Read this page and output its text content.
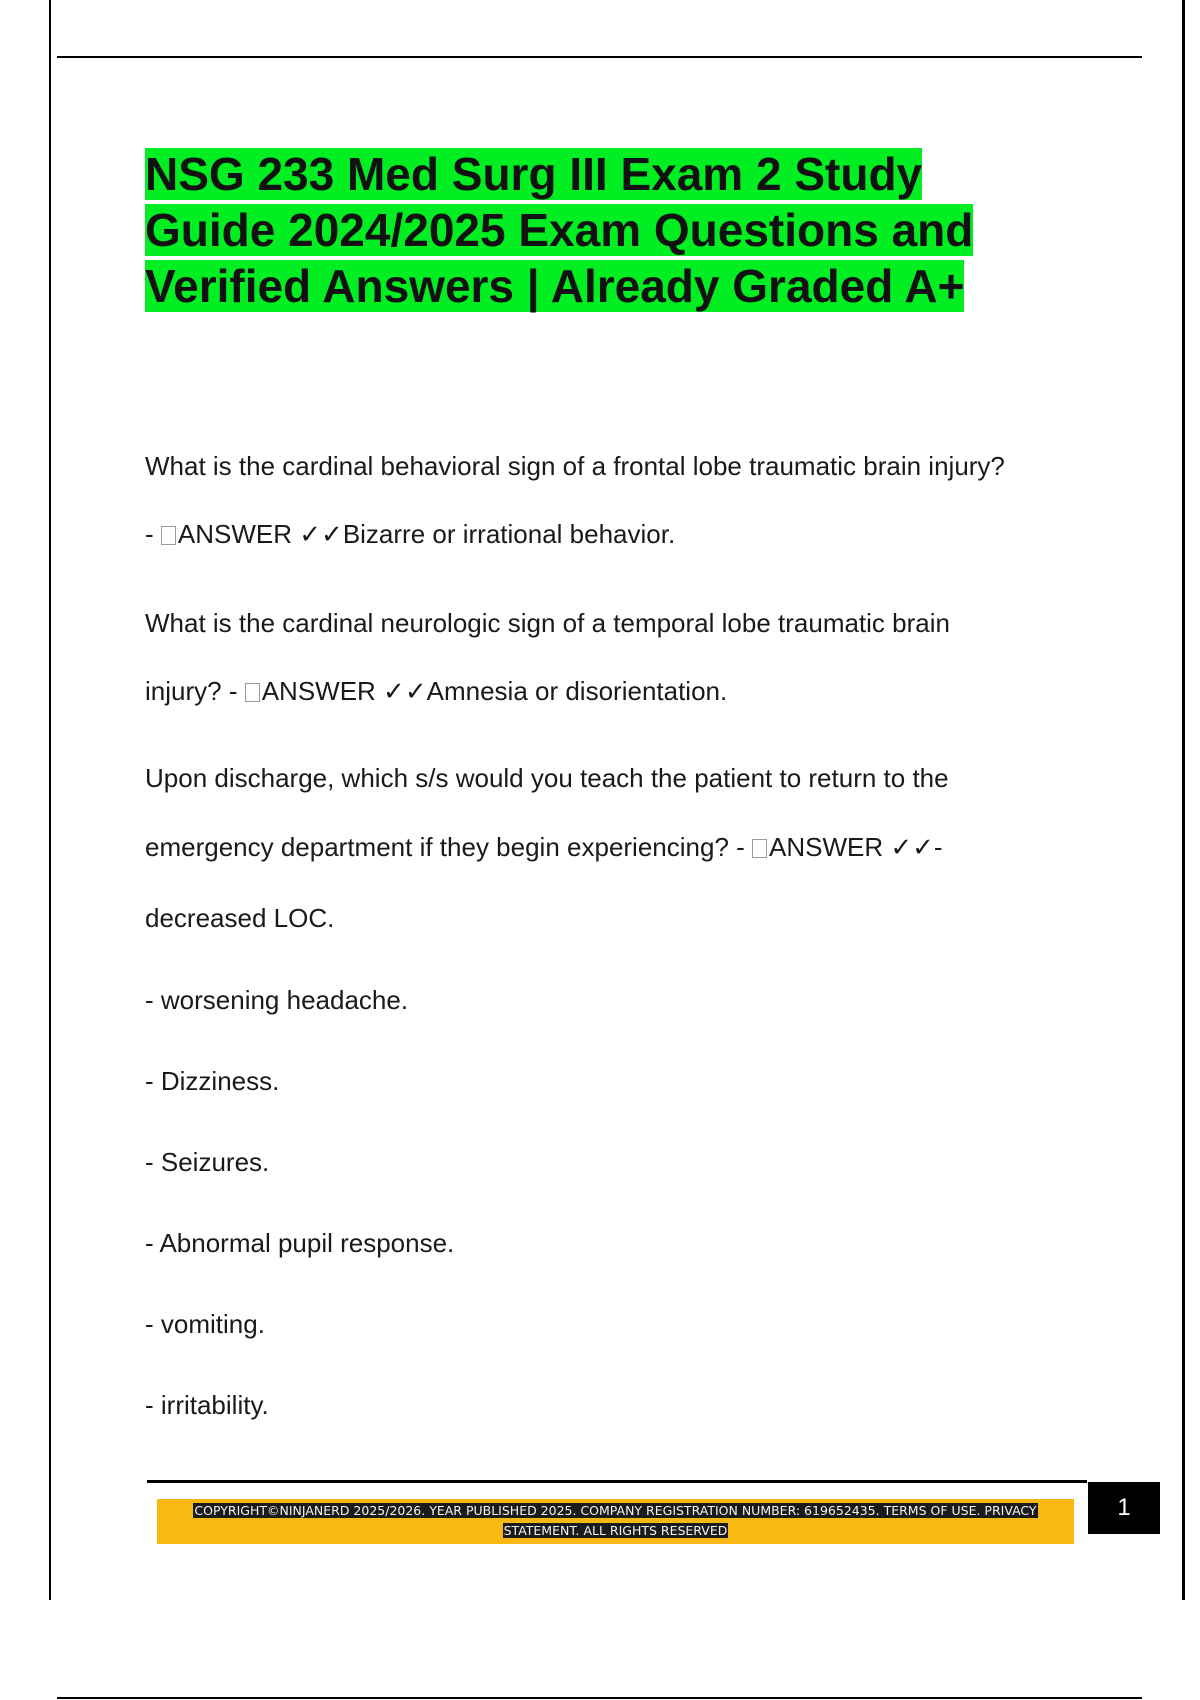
NSG 233 Med Surg III Exam 2 Study Guide 2024/2025 Exam Questions and Verified Answers | Already Graded A+
What is the cardinal behavioral sign of a frontal lobe traumatic brain injury?
- ANSWER ✓✓Bizarre or irrational behavior.
What is the cardinal neurologic sign of a temporal lobe traumatic brain
injury? - ANSWER ✓✓Amnesia or disorientation.
Upon discharge, which s/s would you teach the patient to return to the
emergency department if they begin experiencing? - ANSWER ✓✓-
decreased LOC.
- worsening headache.
- Dizziness.
- Seizures.
- Abnormal pupil response.
- vomiting.
- irritability.
COPYRIGHT©NINJANERD 2025/2026. YEAR PUBLISHED 2025. COMPANY REGISTRATION NUMBER: 619652435. TERMS OF USE. PRIVACY
STATEMENT. ALL RIGHTS RESERVED
1
